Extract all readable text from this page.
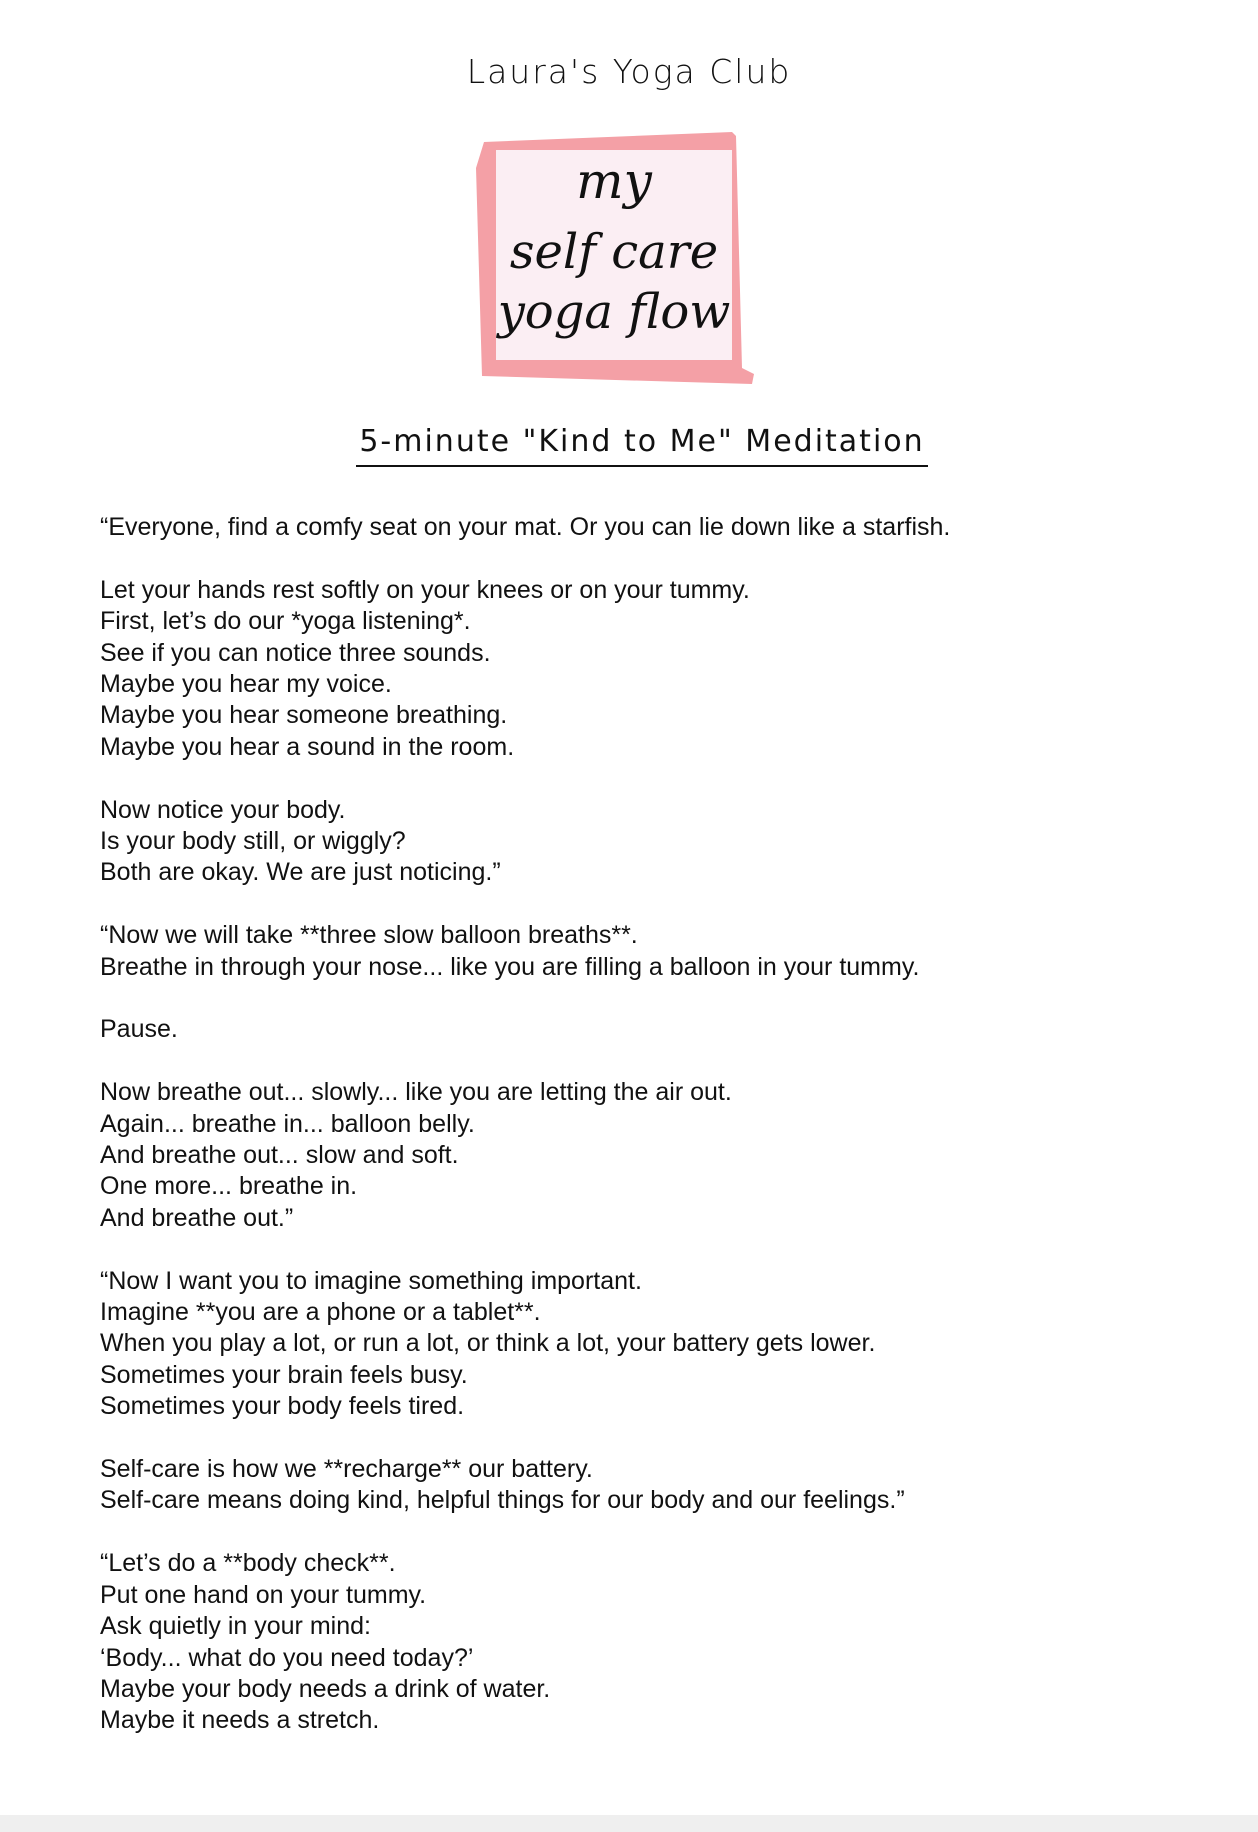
Laura's Yoga Club
my
self care
yoga flow
5-minute "Kind to Me" Meditation

“Everyone, find a comfy seat on your mat. Or you can lie down like a starfish.

Let your hands rest softly on your knees or on your tummy.
First, let’s do our *yoga listening*.
See if you can notice three sounds.
Maybe you hear my voice.
Maybe you hear someone breathing.
Maybe you hear a sound in the room.

Now notice your body.
Is your body still, or wiggly?
Both are okay. We are just noticing.”

“Now we will take **three slow balloon breaths**.
Breathe in through your nose... like you are filling a balloon in your tummy.

Pause.

Now breathe out... slowly... like you are letting the air out.
Again... breathe in... balloon belly.
And breathe out... slow and soft.
One more... breathe in.
And breathe out.”

“Now I want you to imagine something important.
Imagine **you are a phone or a tablet**.
When you play a lot, or run a lot, or think a lot, your battery gets lower.
Sometimes your brain feels busy.
Sometimes your body feels tired.

Self-care is how we **recharge** our battery.
Self-care means doing kind, helpful things for our body and our feelings.”

“Let’s do a **body check**.
Put one hand on your tummy.
Ask quietly in your mind:
‘Body... what do you need today?’
Maybe your body needs a drink of water.
Maybe it needs a stretch.
